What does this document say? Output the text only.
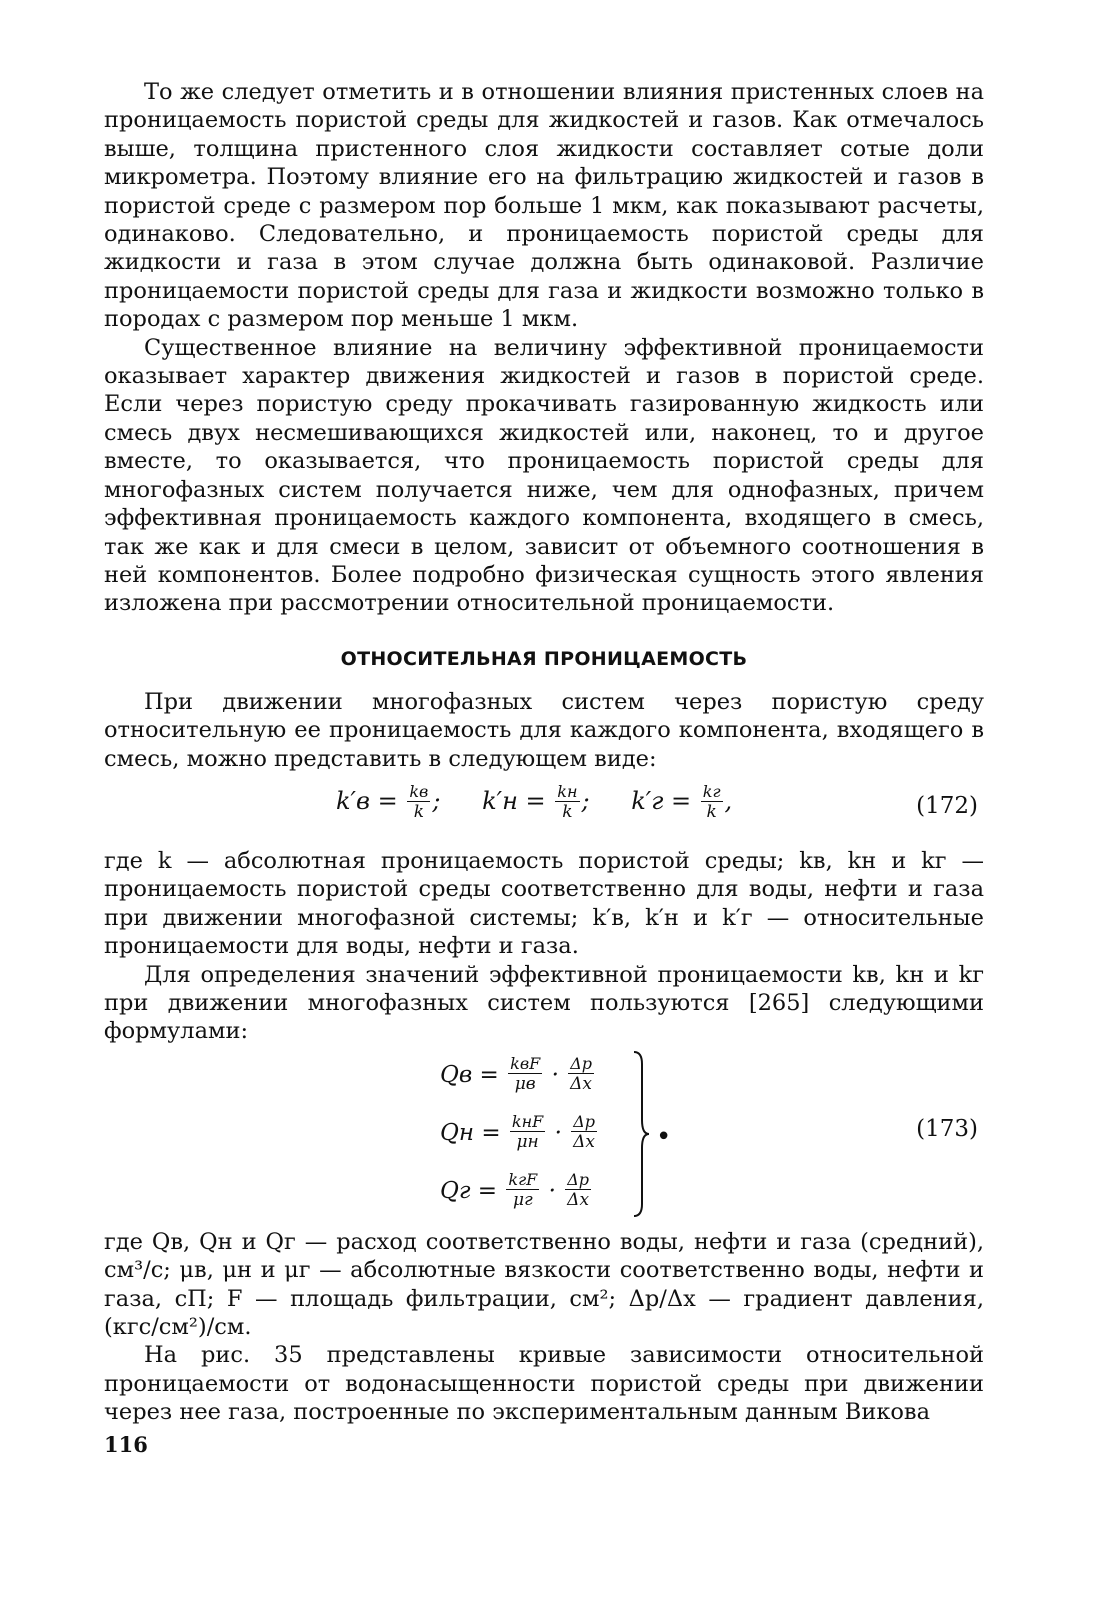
То же следует отметить и в отношении влияния пристенных слоев на проницаемость пористой среды для жидкостей и газов. Как отмечалось выше, толщина пристенного слоя жидкости составляет сотые доли микрометра. Поэтому влияние его на фильтрацию жидкостей и газов в пористой среде с размером пор больше 1 мкм, как показывают расчеты, одинаково. Следовательно, и проницаемость пористой среды для жидкости и газа в этом случае должна быть одинаковой. Различие проницаемости пористой среды для газа и жидкости возможно только в породах с размером пор меньше 1 мкм.

Существенное влияние на величину эффективной проницаемости оказывает характер движения жидкостей и газов в пористой среде. Если через пористую среду прокачивать газированную жидкость или смесь двух несмешивающихся жидкостей или, наконец, то и другое вместе, то оказывается, что проницаемость пористой среды для многофазных систем получается ниже, чем для однофазных, причем эффективная проницаемость каждого компонента, входящего в смесь, так же как и для смеси в целом, зависит от объемного соотношения в ней компонентов. Более подробно физическая сущность этого явления изложена при рассмотрении относительной проницаемости.

ОТНОСИТЕЛЬНАЯ ПРОНИЦАЕМОСТЬ

При движении многофазных систем через пористую среду относительную ее проницаемость для каждого компонента, входящего в смесь, можно представить в следующем виде:

$k'в = \frac{kв}{k}$ ; $k'н = \frac{kн}{k}$ ; $k'г = \frac{kг}{k}$ ,	(172)

где k — абсолютная проницаемость пористой среды; kв, kн и kг — проницаемость пористой среды соответственно для воды, нефти и газа при движении многофазной системы; k′в, k′н и k′г — относительные проницаемости для воды, нефти и газа.

Для определения значений эффективной проницаемости kв, kн и kг при движении многофазных систем пользуются [265] следующими формулами:

Qв = $\frac{\text{kвF}}{\mu в} \cdot \frac{\Delta p}{\Delta x}$
Qн = $\frac{\text{kнF}}{\mu н} \cdot \frac{\Delta p}{\Delta x}$
Qг = $\frac{\text{kгF}}{\mu г} \cdot \frac{\Delta p}{\Delta x}$
•	(173)

где Qв, Qн и Qг — расход соответственно воды, нефти и газа (средний), см³/с; μв, μн и μг — абсолютные вязкости соответственно воды, нефти и газа, сП; F — площадь фильтрации, см²; Δp/Δx — градиент давления, (кгс/см²)/см.

На рис. 35 представлены кривые зависимости относительной проницаемости от водонасыщенности пористой среды при движении через нее газа, построенные по экспериментальным данным Викова

116
